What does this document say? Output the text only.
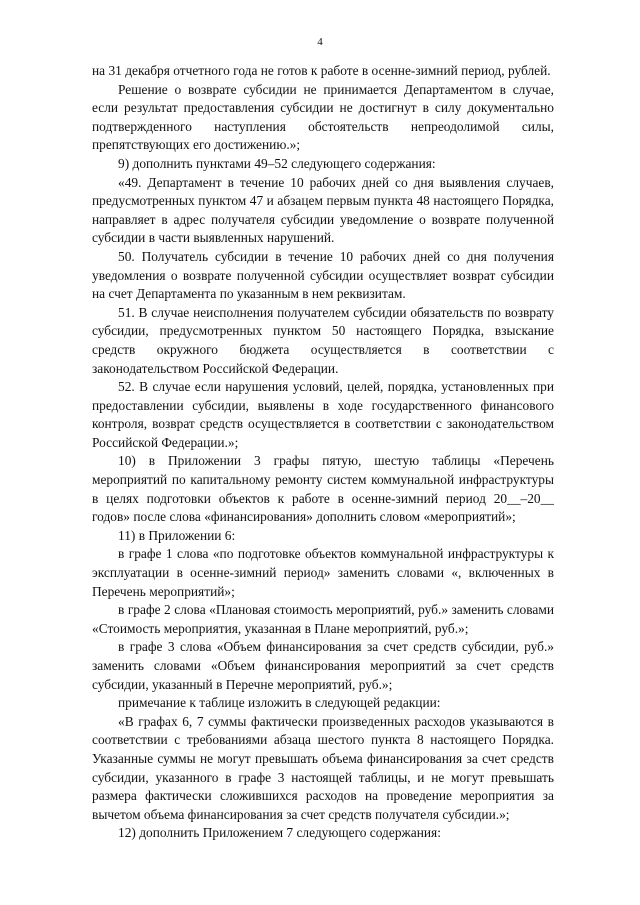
4

на 31 декабря отчетного года не готов к работе в осенне-зимний период, рублей.

Решение о возврате субсидии не принимается Департаментом в случае, если результат предоставления субсидии не достигнут в силу документально подтвержденного наступления обстоятельств непреодолимой силы, препятствующих его достижению.»;

9) дополнить пунктами 49–52 следующего содержания:

«49. Департамент в течение 10 рабочих дней со дня выявления случаев, предусмотренных пунктом 47 и абзацем первым пункта 48 настоящего Порядка, направляет в адрес получателя субсидии уведомление о возврате полученной субсидии в части выявленных нарушений.

50. Получатель субсидии в течение 10 рабочих дней со дня получения уведомления о возврате полученной субсидии осуществляет возврат субсидии на счет Департамента по указанным в нем реквизитам.

51. В случае неисполнения получателем субсидии обязательств по возврату субсидии, предусмотренных пунктом 50 настоящего Порядка, взыскание средств окружного бюджета осуществляется в соответствии с законодательством Российской Федерации.

52. В случае если нарушения условий, целей, порядка, установленных при предоставлении субсидии, выявлены в ходе государственного финансового контроля, возврат средств осуществляется в соответствии с законодательством Российской Федерации.»;

10) в Приложении 3 графы пятую, шестую таблицы «Перечень мероприятий по капитальному ремонту систем коммунальной инфраструктуры в целях подготовки объектов к работе в осенне-зимний период 20__–20__ годов» после слова «финансирования» дополнить словом «мероприятий»;

11) в Приложении 6:

в графе 1 слова «по подготовке объектов коммунальной инфраструктуры к эксплуатации в осенне-зимний период» заменить словами «, включенных в Перечень мероприятий»;

в графе 2 слова «Плановая стоимость мероприятий, руб.» заменить словами «Стоимость мероприятия, указанная в Плане мероприятий, руб.»;

в графе 3 слова «Объем финансирования за счет средств субсидии, руб.» заменить словами «Объем финансирования мероприятий за счет средств субсидии, указанный в Перечне мероприятий, руб.»;

примечание к таблице изложить в следующей редакции:

«В графах 6, 7 суммы фактически произведенных расходов указываются в соответствии с требованиями абзаца шестого пункта 8 настоящего Порядка. Указанные суммы не могут превышать объема финансирования за счет средств субсидии, указанного в графе 3 настоящей таблицы, и не могут превышать размера фактически сложившихся расходов на проведение мероприятия за вычетом объема финансирования за счет средств получателя субсидии.»;

12) дополнить Приложением 7 следующего содержания:
